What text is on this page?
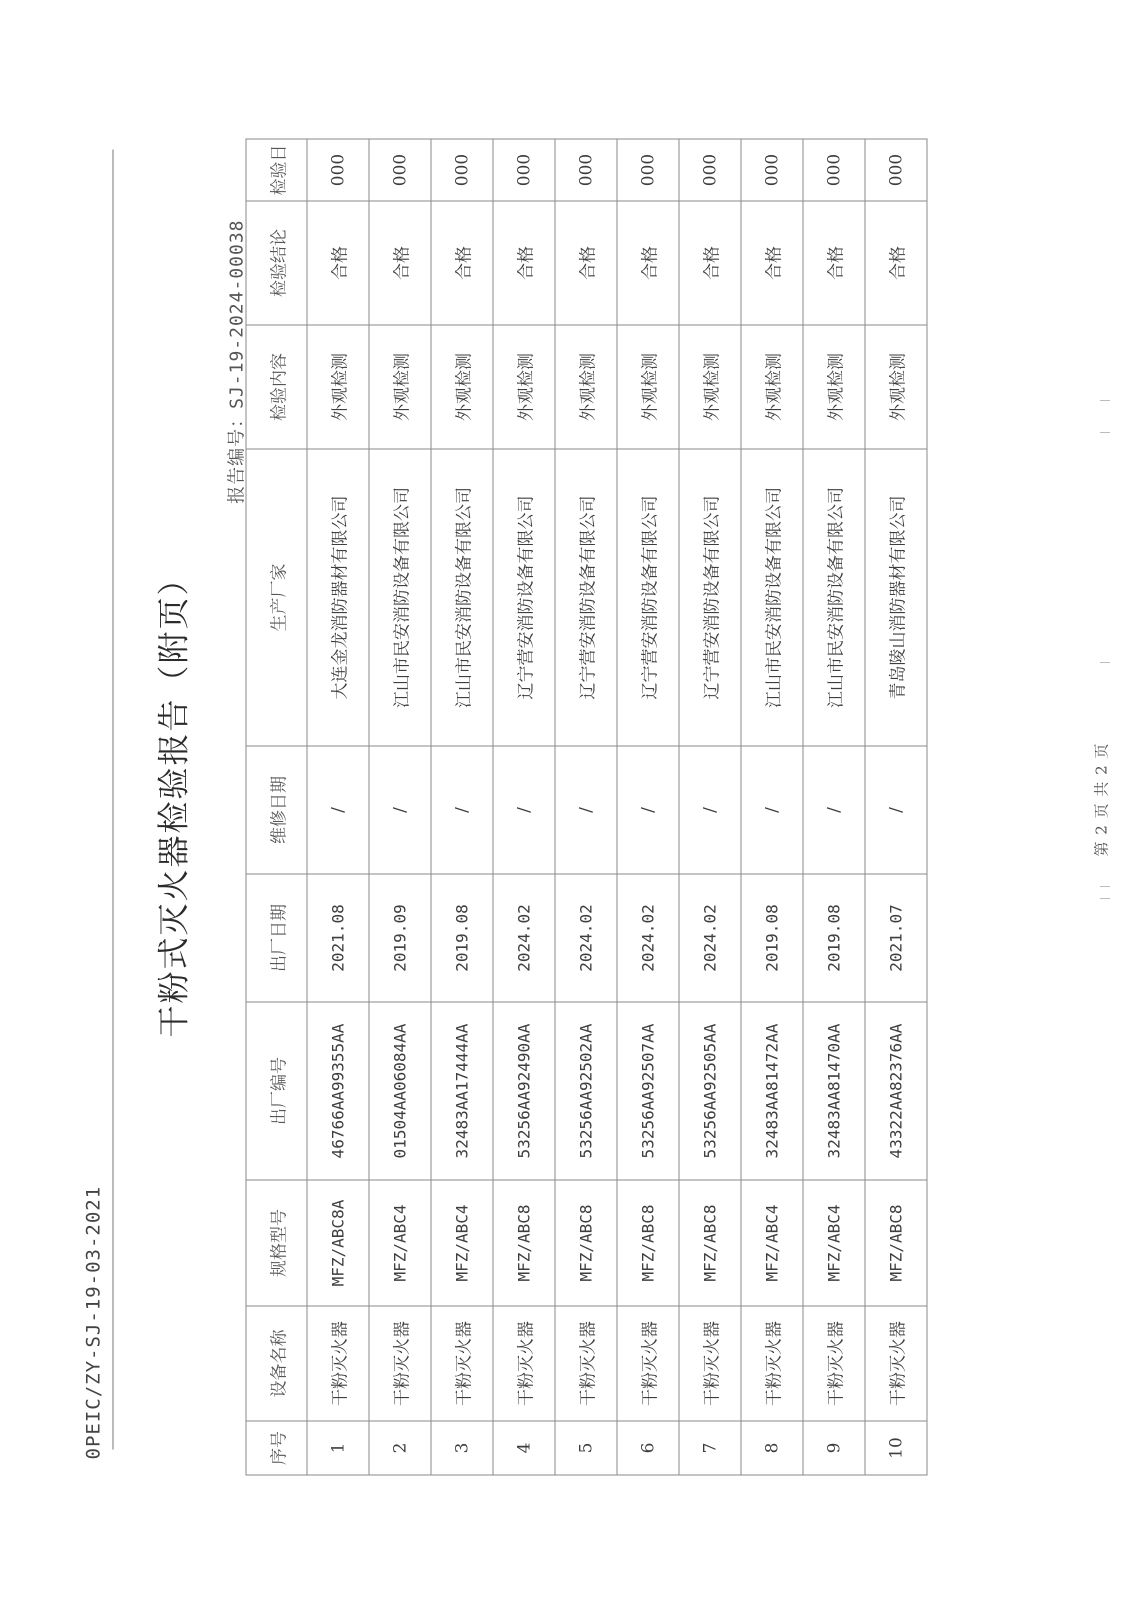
0PEIC/ZY-SJ-19-03-2021
干粉式灭火器检验报告（附页）
报告编号：SJ-19-2024-00038
序号	设备名称	规格型号	出厂编号	出厂日期	维修日期	生产厂家	检验内容	检验结论	检验日
1	干粉灭火器	MFZ/ABC8A	46766AA99355AA	2021.08	/	大连金龙消防器材有限公司	外观检测	合格	000
2	干粉灭火器	MFZ/ABC4	01504AA06084AA	2019.09	/	江山市民安消防设备有限公司	外观检测	合格	000
3	干粉灭火器	MFZ/ABC4	32483AA17444AA	2019.08	/	江山市民安消防设备有限公司	外观检测	合格	000
4	干粉灭火器	MFZ/ABC8	53256AA92490AA	2024.02	/	辽宁营安消防设备有限公司	外观检测	合格	000
5	干粉灭火器	MFZ/ABC8	53256AA92502AA	2024.02	/	辽宁营安消防设备有限公司	外观检测	合格	000
6	干粉灭火器	MFZ/ABC8	53256AA92507AA	2024.02	/	辽宁营安消防设备有限公司	外观检测	合格	000
7	干粉灭火器	MFZ/ABC8	53256AA92505AA	2024.02	/	辽宁营安消防设备有限公司	外观检测	合格	000
8	干粉灭火器	MFZ/ABC4	32483AA81472AA	2019.08	/	江山市民安消防设备有限公司	外观检测	合格	000
9	干粉灭火器	MFZ/ABC4	32483AA81470AA	2019.08	/	江山市民安消防设备有限公司	外观检测	合格	000
10	干粉灭火器	MFZ/ABC8	43322AA82376AA	2021.07	/	青岛陵山消防器材有限公司	外观检测	合格	000
第 2 页 共 2 页
